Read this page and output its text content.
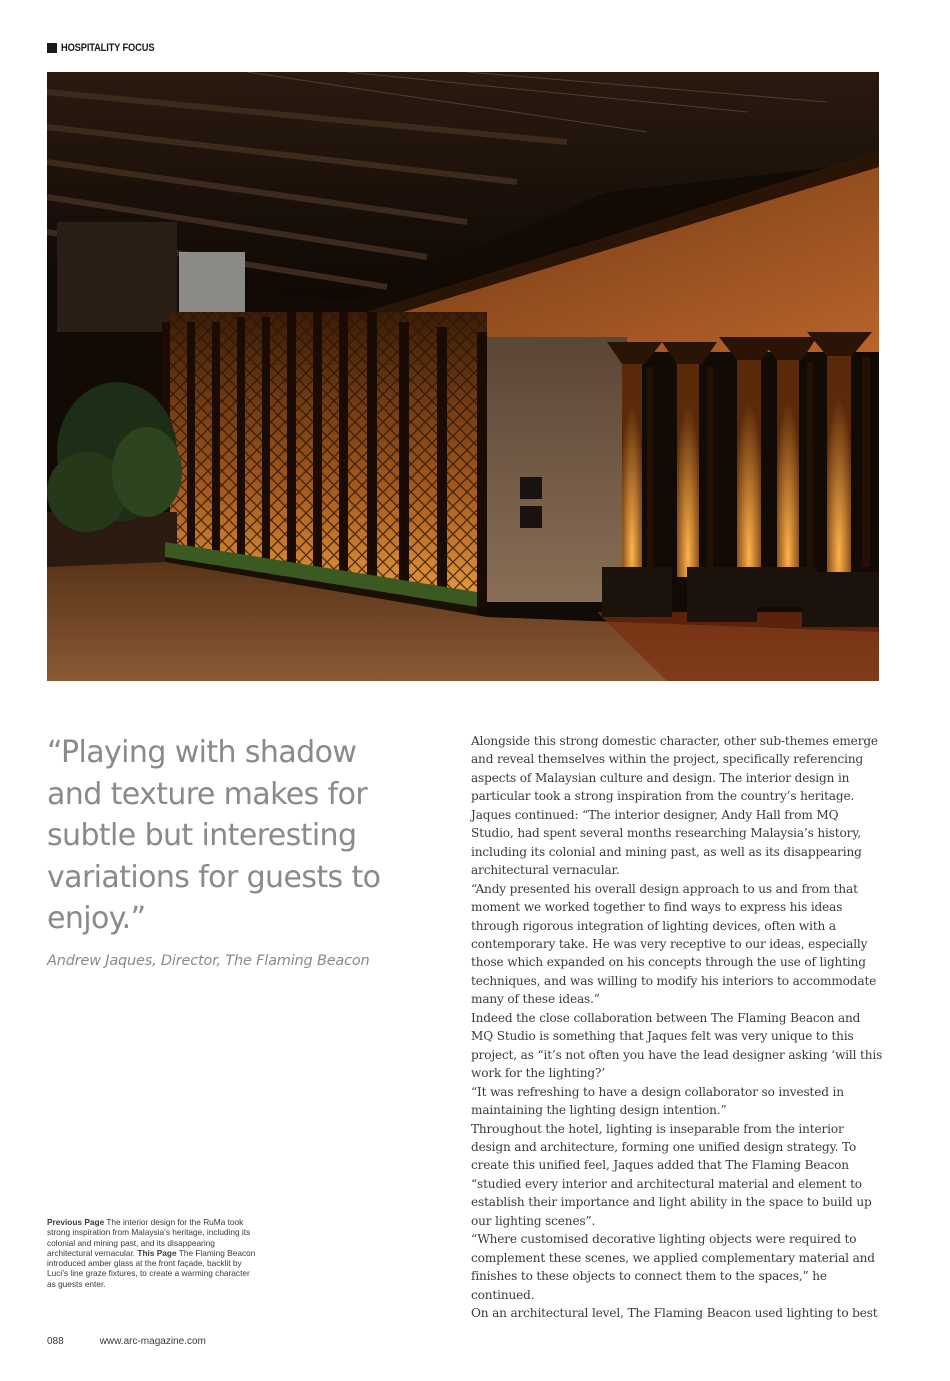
HOSPITALITY FOCUS
“Playing with shadow and texture makes for subtle but interesting variations for guests to enjoy.”
Andrew Jaques, Director, The Flaming Beacon
Previous Page The interior design for the RuMa took strong inspiration from Malaysia’s heritage, including its colonial and mining past, and its disappearing architectural vernacular. This Page The Flaming Beacon introduced amber glass at the front façade, backlit by Luci’s line graze fixtures, to create a warming character as guests enter.

Alongside this strong domestic character, other sub-themes emerge and reveal themselves within the project, specifically referencing aspects of Malaysian culture and design. The interior design in particular took a strong inspiration from the country’s heritage.

Jaques continued: “The interior designer, Andy Hall from MQ Studio, had spent several months researching Malaysia’s history, including its colonial and mining past, as well as its disappearing architectural vernacular.

“Andy presented his overall design approach to us and from that moment we worked together to find ways to express his ideas through rigorous integration of lighting devices, often with a contemporary take. He was very receptive to our ideas, especially those which expanded on his concepts through the use of lighting techniques, and was willing to modify his interiors to accommodate many of these ideas.”

Indeed the close collaboration between The Flaming Beacon and MQ Studio is something that Jaques felt was very unique to this project, as “it’s not often you have the lead designer asking ‘will this work for the lighting?’

“It was refreshing to have a design collaborator so invested in maintaining the lighting design intention.”

Throughout the hotel, lighting is inseparable from the interior design and architecture, forming one unified design strategy. To create this unified feel, Jaques added that The Flaming Beacon “studied every interior and architectural material and element to establish their importance and light ability in the space to build up our lighting scenes”.

“Where customised decorative lighting objects were required to complement these scenes, we applied complementary material and finishes to these objects to connect them to the spaces,” he continued.

On an architectural level, The Flaming Beacon used lighting to best

088	www.arc-magazine.com
